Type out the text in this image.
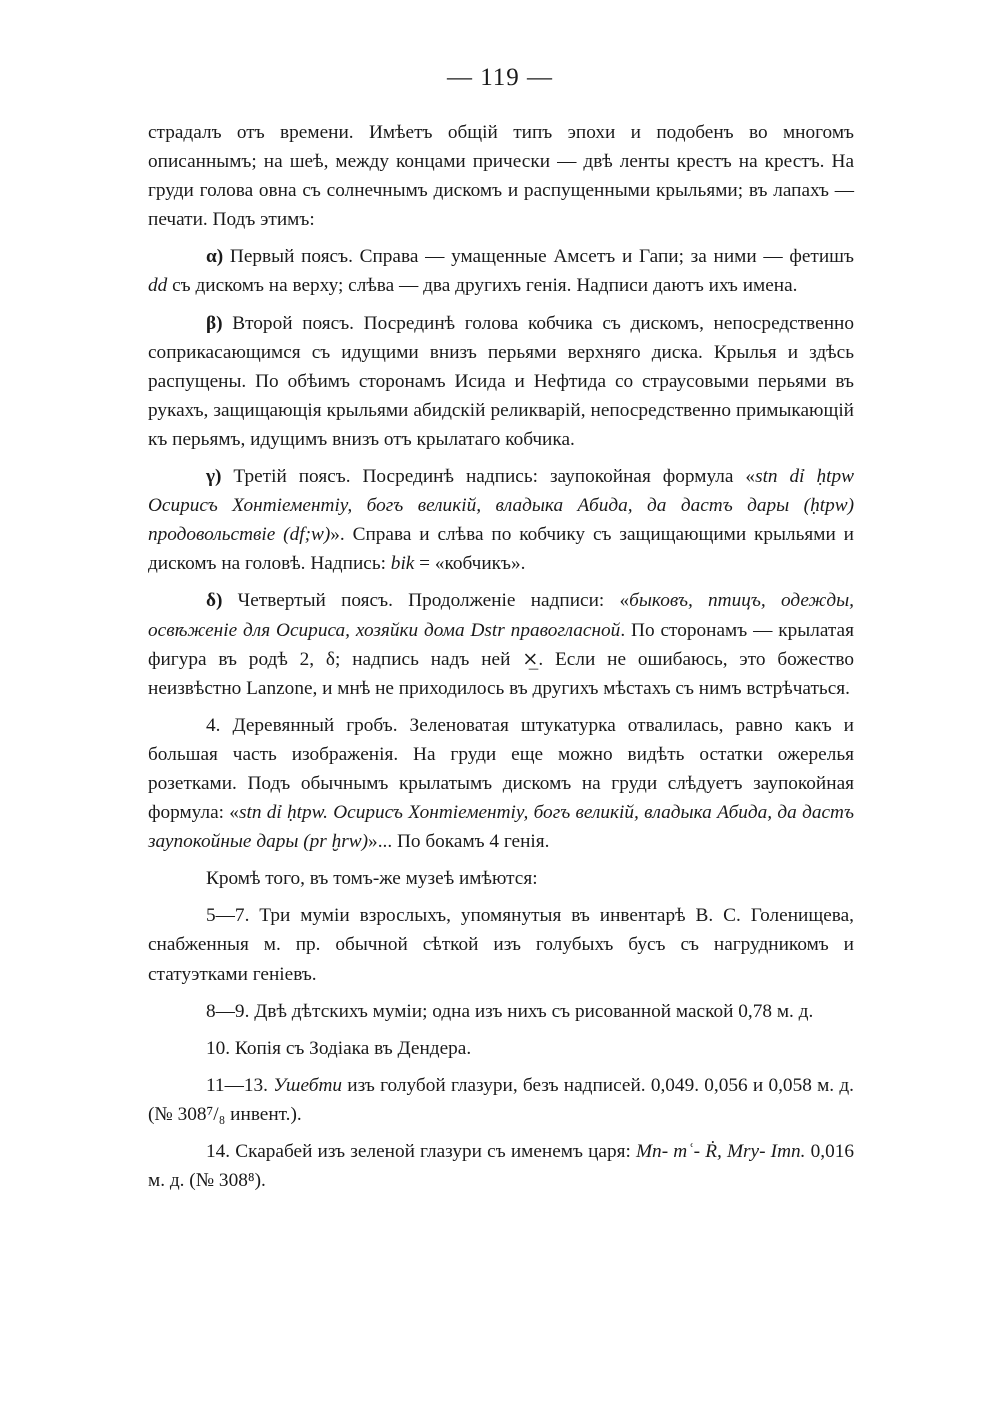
— 119 —

страдалъ отъ времени. Имѣетъ общій типъ эпохи и подобенъ во многомъ описаннымъ; на шеѣ, между концами прически — двѣ ленты крестъ на крестъ. На груди голова овна съ солнечнымъ дискомъ и распущенными крыльями; въ лапахъ — печати. Подъ этимъ:

α) Первый поясъ. Справа — умащенные Амсетъ и Гапи; за ними — фетишъ dd съ дискомъ на верху; слѣва — два другихъ генія. Надписи даютъ ихъ имена.

β) Второй поясъ. Посрединѣ голова кобчика съ дискомъ, непосредственно соприкасающимся съ идущими внизъ перьями верхняго диска. Крылья и здѣсь распущены. По обѣимъ сторонамъ Исида и Нефтида со страусовыми перьями въ рукахъ, защищающія крыльями абидскій реликварій, непосредственно примыкающій къ перьямъ, идущимъ внизъ отъ крылатаго кобчика.

γ) Третій поясъ. Посрединѣ надпись: заупокойная формула «stn dỉ ḥtpw Осирисъ Хонтіементіу, богъ великій, владыка Абида, да дастъ дары (ḥtpw) продовольствіе (df;w)». Справа и слѣва по кобчику съ защищающими крыльями и дискомъ на головѣ. Надпись: bik = «кобчикъ».

δ) Четвертый поясъ. Продолженіе надписи: «быковъ, птицъ, одежды, освѣженіе для Осириса, хозяйки дома Dstr правогласной. По сторонамъ — крылатая фигура въ родѣ 2, δ; надпись надъ ней ⨯̲. Если не ошибаюсь, это божество неизвѣстно Lanzone, и мнѣ не приходилось въ другихъ мѣстахъ съ нимъ встрѣчаться.

4. Деревянный гробъ. Зеленоватая штукатурка отвалилась, равно какъ и большая часть изображенія. На груди еще можно видѣть остатки ожерелья розетками. Подъ обычнымъ крылатымъ дискомъ на груди слѣдуетъ заупокойная формула: «stn dỉ ḥtpw. Осирисъ Хонтіементіу, богъ великій, владыка Абида, да дастъ заупокойные дары (pr ḫrw)»... По бокамъ 4 генія.

Кромѣ того, въ томъ-же музеѣ имѣются:

5—7. Три муміи взрослыхъ, упомянутыя въ инвентарѣ В. С. Голенищева, снабженныя м. пр. обычной сѣткой изъ голубыхъ бусъ съ нагрудникомъ и статуэтками геніевъ.

8—9. Двѣ дѣтскихъ муміи; одна изъ нихъ съ рисованной маской 0,78 м. д.

10. Копія съ Зодіака въ Дендера.

11—13. Ушебти изъ голубой глазури, безъ надписей. 0,049. 0,056 и 0,058 м. д. (№ 308⁷/₈ инвент.).

14. Скарабей изъ зеленой глазури съ именемъ царя: Mn- mʿ- Ṙ, Mry- Imn. 0,016 м. д. (№ 308⁸).
